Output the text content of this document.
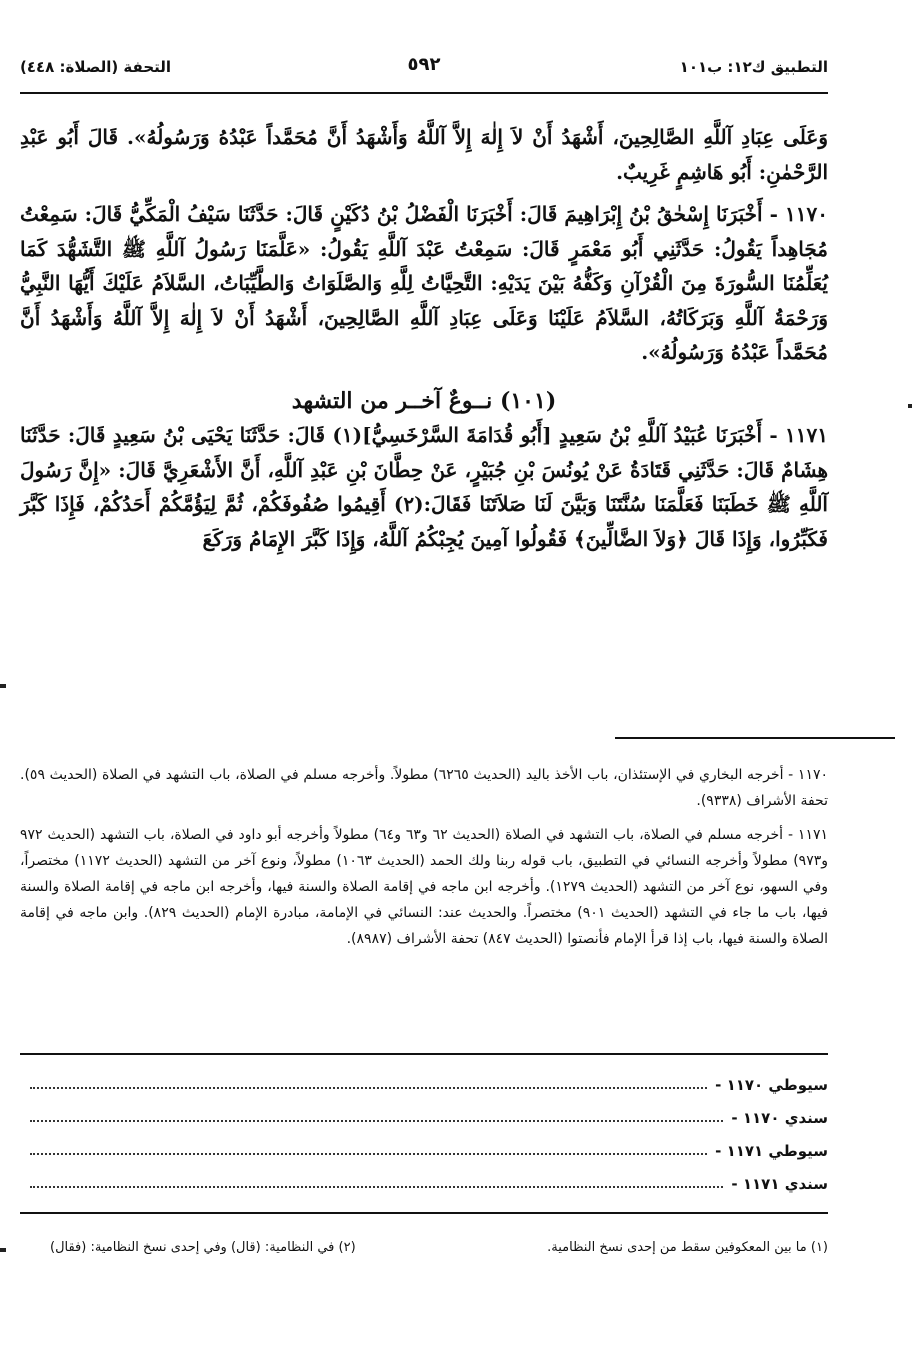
التطبيق ك١٢: ب١٠١
٥٩٢
التحفة (الصلاة: ٤٤٨)

وَعَلَى عِبَادِ آللَّهِ الصَّالِحِينَ، أَشْهَدُ أَنْ لاَ إِلٰهَ إِلاَّ آللَّهُ وَأَشْهَدُ أَنَّ مُحَمَّداً عَبْدُهُ وَرَسُولُهُ». قَالَ أَبُو عَبْدِ الرَّحْمٰنِ: أَبُو هَاشِمٍ غَرِيبٌ.

١١٧٠ - أَخْبَرَنَا إِسْحٰقُ بْنُ إِبْرَاهِيمَ قَالَ: أَخْبَرَنَا الْفَضْلُ بْنُ دُكَيْنٍ قَالَ: حَدَّثَنَا سَيْفُ الْمَكِّيُّ قَالَ: سَمِعْتُ مُجَاهِداً يَقُولُ: حَدَّثَنِي أَبُو مَعْمَرٍ قَالَ: سَمِعْتُ عَبْدَ آللَّهِ يَقُولُ: «عَلَّمَنَا رَسُولُ آللَّهِ ﷺ التَّشَهُّدَ كَمَا يُعَلِّمُنَا السُّورَةَ مِنَ الْقُرْآنِ وَكَفُّهُ بَيْنَ يَدَيْهِ: التَّحِيَّاتُ لِلَّهِ وَالصَّلَوَاتُ وَالطَّيِّبَاتُ، السَّلاَمُ عَلَيْكَ أَيُّهَا النَّبِيُّ وَرَحْمَةُ آللَّهِ وَبَرَكَاتُهُ، السَّلاَمُ عَلَيْنَا وَعَلَى عِبَادِ آللَّهِ الصَّالِحِينَ، أَشْهَدُ أَنْ لاَ إِلٰهَ إِلاَّ آللَّهُ وَأَشْهَدُ أَنَّ مُحَمَّداً عَبْدُهُ وَرَسُولُهُ».

(١٠١) نــوعٌ آخــر من التشهد

١١٧١ - أَخْبَرَنَا عُبَيْدُ آللَّهِ بْنُ سَعِيدٍ [أَبُو قُدَامَةَ السَّرْخَسِيُّ](١) قَالَ: حَدَّثَنَا يَحْيَى بْنُ سَعِيدٍ قَالَ: حَدَّثَنَا هِشَامٌ قَالَ: حَدَّثَنِي قَتَادَةُ عَنْ يُونُسَ بْنِ جُبَيْرٍ، عَنْ حِطَّانَ بْنِ عَبْدِ آللَّهِ، أَنَّ الأَشْعَرِيَّ قَالَ: «إِنَّ رَسُولَ آللَّهِ ﷺ خَطَبَنَا فَعَلَّمَنَا سُنَّتَنَا وَبَيَّنَ لَنَا صَلاَتَنَا فَقَالَ:(٢) أَقِيمُوا صُفُوفَكُمْ، ثُمَّ لِيَؤُمَّكُمْ أَحَدُكُمْ، فَإِذَا كَبَّرَ فَكَبِّرُوا، وَإِذَا قَالَ ﴿وَلاَ الضَّالِّينَ﴾ فَقُولُوا آمِينَ يُجِبْكُمُ آللَّهُ، وَإِذَا كَبَّرَ الإِمَامُ وَرَكَعَ

١١٧٠ - أخرجه البخاري في الإستئذان، باب الأخذ باليد (الحديث ٦٢٦٥) مطولاً. وأخرجه مسلم في الصلاة، باب التشهد في الصلاة (الحديث ٥٩). تحفة الأشراف (٩٣٣٨).

١١٧١ - أخرجه مسلم في الصلاة، باب التشهد في الصلاة (الحديث ٦٢ و٦٣ و٦٤) مطولاً وأخرجه أبو داود في الصلاة، باب التشهد (الحديث ٩٧٢ و٩٧٣) مطولاً وأخرجه النسائي في التطبيق، باب قوله ربنا ولك الحمد (الحديث ١٠٦٣) مطولاً، ونوع آخر من التشهد (الحديث ١١٧٢) مختصراً، وفي السهو، نوع آخر من التشهد (الحديث ١٢٧٩). وأخرجه ابن ماجه في إقامة الصلاة والسنة فيها، وأخرجه ابن ماجه في إقامة الصلاة والسنة فيها، باب ما جاء في التشهد (الحديث ٩٠١) مختصراً. والحديث عند: النسائي في الإمامة، مبادرة الإمام (الحديث ٨٢٩). وابن ماجه في إقامة الصلاة والسنة فيها، باب إذا قرأ الإمام فأنصتوا (الحديث ٨٤٧) تحفة الأشراف (٨٩٨٧).

سيوطي ١١٧٠ -
سندي ١١٧٠ -
سيوطي ١١٧١ -
سندي ١١٧١ -
(١) ما بين المعكوفين سقط من إحدى نسخ النظامية.
(٢) في النظامية: (قال) وفي إحدى نسخ النظامية: (فقال)
